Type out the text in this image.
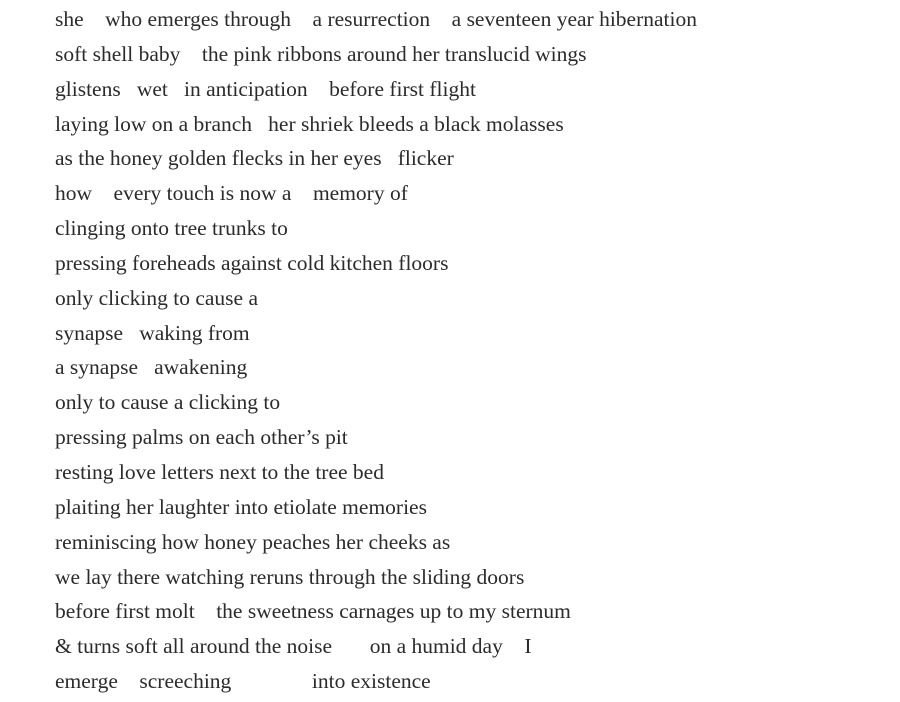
she    who emerges through    a resurrection    a seventeen year hibernation
soft shell baby    the pink ribbons around her translucid wings
glistens   wet   in anticipation    before first flight
laying low on a branch   her shriek bleeds a black molasses
as the honey golden flecks in her eyes   flicker
how    every touch is now a    memory of
clinging onto tree trunks to
pressing foreheads against cold kitchen floors
only clicking to cause a
synapse   waking from
a synapse   awakening
only to cause a clicking to
pressing palms on each other’s pit
resting love letters next to the tree bed
plaiting her laughter into etiolate memories
reminiscing how honey peaches her cheeks as
we lay there watching reruns through the sliding doors
before first molt    the sweetness carnages up to my sternum
& turns soft all around the noise       on a humid day    I
emerge    screeching               into existence
